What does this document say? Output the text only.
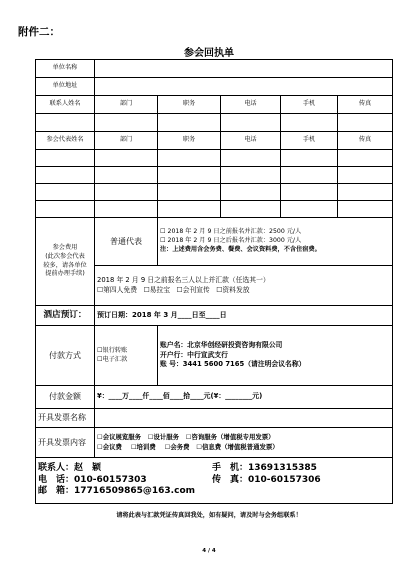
附件二：
参会回执单
单位名称					
单位地址					
联系人姓名	部门	职务	电话	手机	传真

参会代表姓名	部门	职务	电话	手机	传真

参会费用
(此次参会代表
较多，请各单位
提前办理手续)	普通代表	☐ 2018 年 2 月 9 日之前报名并汇款：2500 元/人
☐ 2018 年 2 月 9 日之后报名并汇款：3000 元/人
注：上述费用含会务费、餐费、会议资料费，不含住宿费。			

	2018 年 2 月 9 日之前报名三人以上并汇款（任选其一）
☐第四人免费 ☐易拉宝 ☐会刊宣传 ☐资料发放				

酒店预订：	预订日期：2018 年 3 月____日至____日				
付款方式	☐银行转账
☐电子汇款	账户名：北京华创经研投资咨询有限公司
开户行：中行宣武支行
账 号：3441 5600 7165（请注明会议名称）			

付款金额	¥：____万____仟____佰____拾____元(¥：________元)				
开具发票名称					
开具发票内容	☐会议展览服务 ☐设计服务 ☐咨询服务（增值税专用发票）
☐会议费 ☐培训费 ☐会务费 ☐信息费（增值税普通发票）				

联系人：赵　颖 手　机：13691315385
电　话：010-60157303 传　真：010-60157306
邮　箱：17716509865@163.com					
请将此表与汇款凭证传真回我处，如有疑问，请及时与会务组联系！
4 / 4
